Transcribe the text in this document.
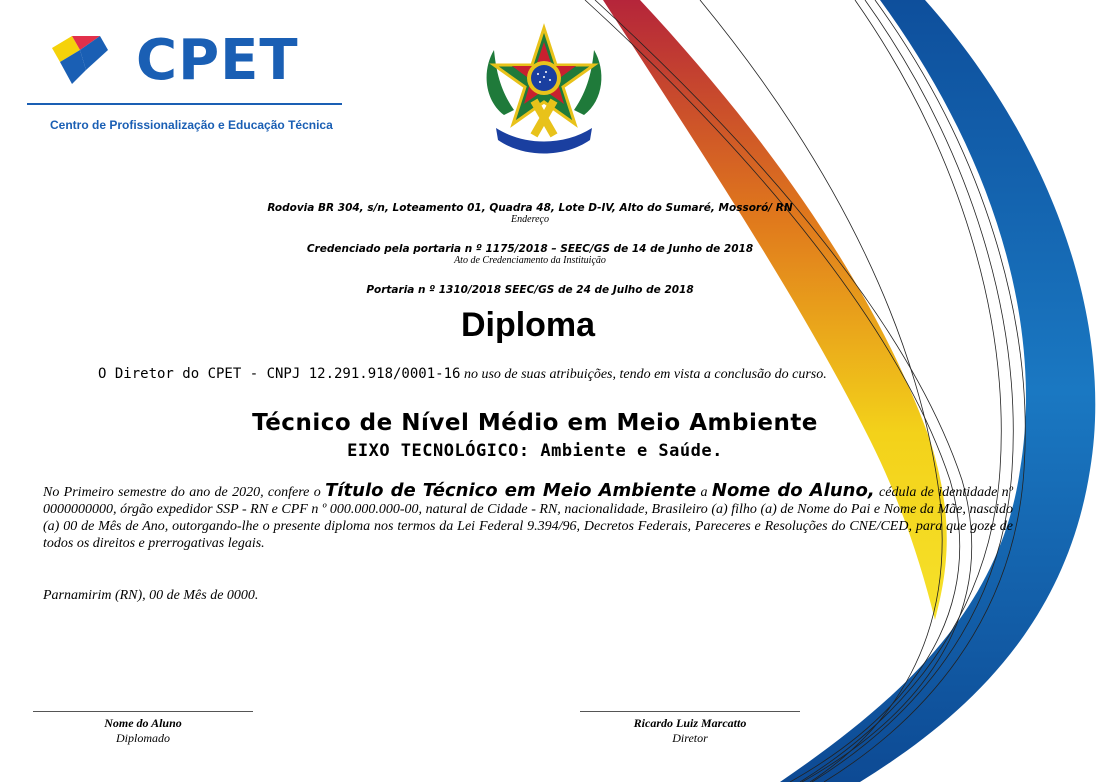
CPET
Centro de Profissionalização e Educação Técnica
Rodovia BR 304, s/n, Loteamento 01, Quadra 48, Lote D-IV, Alto do Sumaré, Mossoró/ RN
Endereço
Credenciado pela portaria n º 1175/2018 – SEEC/GS de 14 de Junho de 2018
Ato de Credenciamento da Instituição
Portaria n º 1310/2018 SEEC/GS de 24 de Julho de 2018
Diploma
O Diretor do CPET - CNPJ 12.291.918/0001-16 no uso de suas atribuições, tendo em vista a conclusão do curso.
Técnico de Nível Médio em Meio Ambiente
EIXO TECNOLÓGICO: Ambiente e Saúde.
No Primeiro semestre do ano de 2020, confere o Título de Técnico em Meio Ambiente a Nome do Aluno, cédula de identidade nº 0000000000, órgão expedidor SSP - RN e CPF n º 000.000.000-00, natural de Cidade - RN, nacionalidade, Brasileiro (a) filho (a) de Nome do Pai e Nome da Mãe, nascido (a) 00 de Mês de Ano, outorgando-lhe o presente diploma nos termos da Lei Federal 9.394/96, Decretos Federais, Pareceres e Resoluções do CNE/CED, para que goze de todos os direitos e prerrogativas legais.
Parnamirim (RN), 00 de Mês de 0000.
Nome do Aluno
Diplomado
Ricardo Luiz Marcatto
Diretor
